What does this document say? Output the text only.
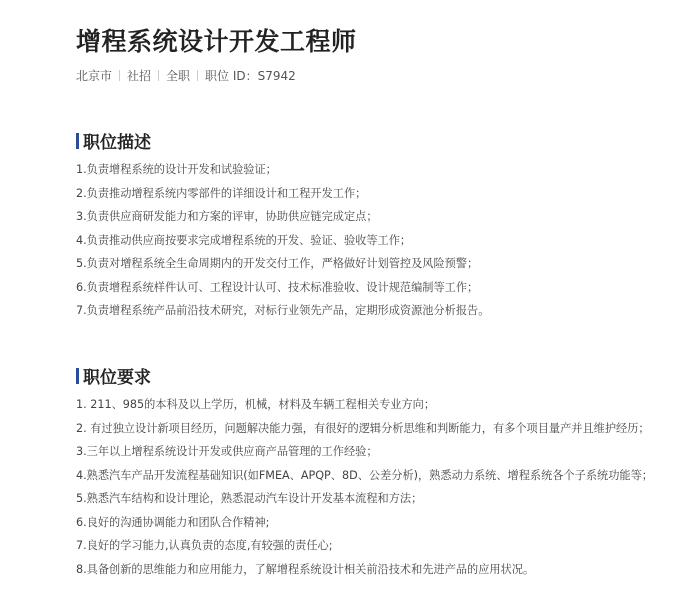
增程系统设计开发工程师
北京市 社招 全职 职位 ID： S7942
职位描述
1.负责增程系统的设计开发和试验验证；
2.负责推动增程系统内零部件的详细设计和工程开发工作；
3.负责供应商研发能力和方案的评审，协助供应链完成定点；
4.负责推动供应商按要求完成增程系统的开发、验证、验收等工作；
5.负责对增程系统全生命周期内的开发交付工作，严格做好计划管控及风险预警；
6.负责增程系统样件认可、工程设计认可、技术标准验收、设计规范编制等工作；
7.负责增程系统产品前沿技术研究，对标行业领先产品，定期形成资源池分析报告。
职位要求
1. 211、985的本科及以上学历，机械，材料及车辆工程相关专业方向；
2. 有过独立设计新项目经历，问题解决能力强，有很好的逻辑分析思维和判断能力，有多个项目量产并且维护经历；
3.三年以上增程系统设计开发或供应商产品管理的工作经验；
4.熟悉汽车产品开发流程基础知识(如FMEA、APQP、8D、公差分析)，熟悉动力系统、增程系统各个子系统功能等；
5.熟悉汽车结构和设计理论，熟悉混动汽车设计开发基本流程和方法；
6.良好的沟通协调能力和团队合作精神;
7.良好的学习能力,认真负责的态度,有较强的责任心;
8.具备创新的思维能力和应用能力，了解增程系统设计相关前沿技术和先进产品的应用状况。
